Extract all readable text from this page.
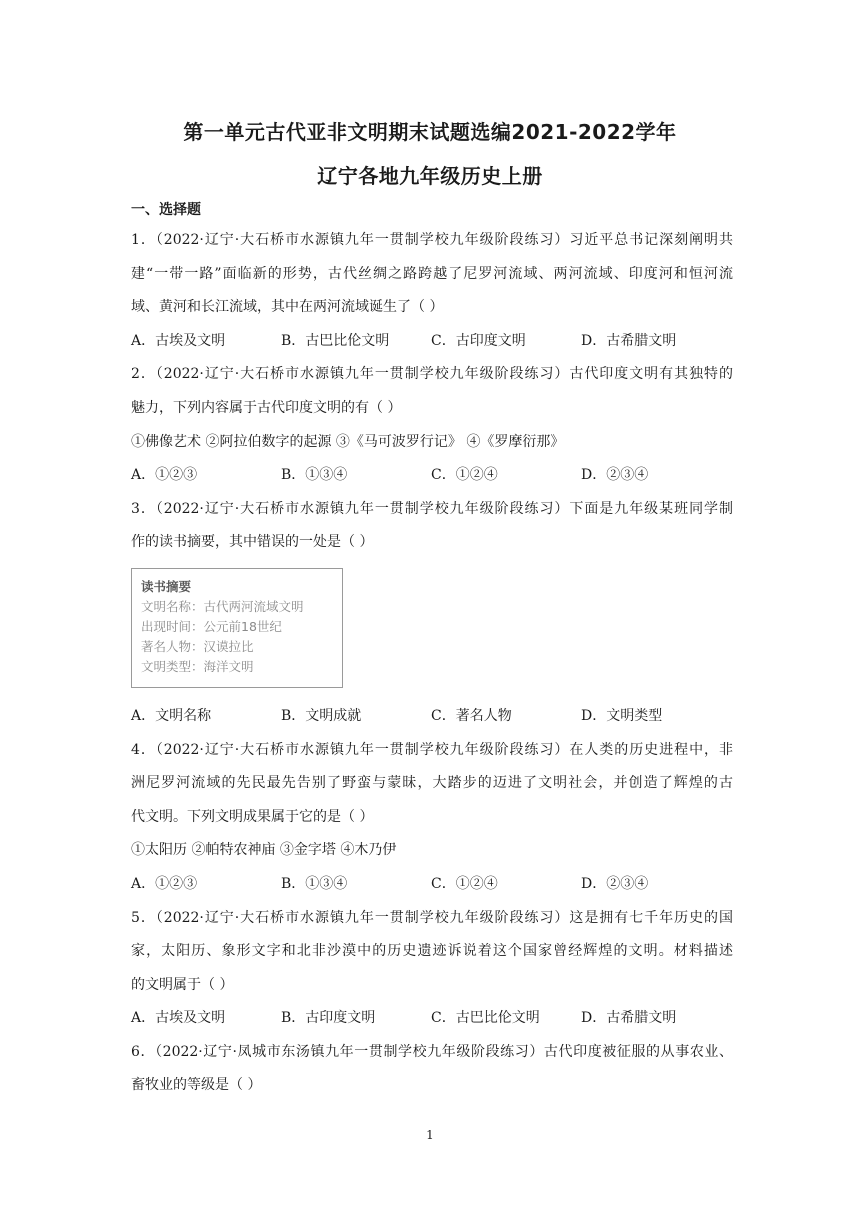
第一单元古代亚非文明期末试题选编2021-2022学年
辽宁各地九年级历史上册
一、选择题
1．（2022·辽宁·大石桥市水源镇九年一贯制学校九年级阶段练习）习近平总书记深刻阐明共
建“一带一路”面临新的形势，古代丝绸之路跨越了尼罗河流域、两河流域、印度河和恒河流
域、黄河和长江流域，其中在两河流域诞生了（ ）
A．古埃及文明	B．古巴比伦文明	C．古印度文明	D．古希腊文明
2．（2022·辽宁·大石桥市水源镇九年一贯制学校九年级阶段练习）古代印度文明有其独特的
魅力，下列内容属于古代印度文明的有（ ）
①佛像艺术 ②阿拉伯数字的起源 ③《马可波罗行记》 ④《罗摩衍那》
A．①②③	B．①③④	C．①②④	D．②③④
3．（2022·辽宁·大石桥市水源镇九年一贯制学校九年级阶段练习）下面是九年级某班同学制
作的读书摘要，其中错误的一处是（ ）
读书摘要
文明名称：古代两河流域文明
出现时间：公元前18世纪
著名人物：汉谟拉比
文明类型：海洋文明
A．文明名称	B．文明成就	C．著名人物	D．文明类型
4．（2022·辽宁·大石桥市水源镇九年一贯制学校九年级阶段练习）在人类的历史进程中，非
洲尼罗河流域的先民最先告别了野蛮与蒙昧，大踏步的迈进了文明社会，并创造了辉煌的古
代文明。下列文明成果属于它的是（ ）
①太阳历 ②帕特农神庙 ③金字塔 ④木乃伊
A．①②③	B．①③④	C．①②④	D．②③④
5．（2022·辽宁·大石桥市水源镇九年一贯制学校九年级阶段练习）这是拥有七千年历史的国
家，太阳历、象形文字和北非沙漠中的历史遗迹诉说着这个国家曾经辉煌的文明。材料描述
的文明属于（ ）
A．古埃及文明	B．古印度文明	C．古巴比伦文明	D．古希腊文明
6．（2022·辽宁·凤城市东汤镇九年一贯制学校九年级阶段练习）古代印度被征服的从事农业、
畜牧业的等级是（ ）
1
